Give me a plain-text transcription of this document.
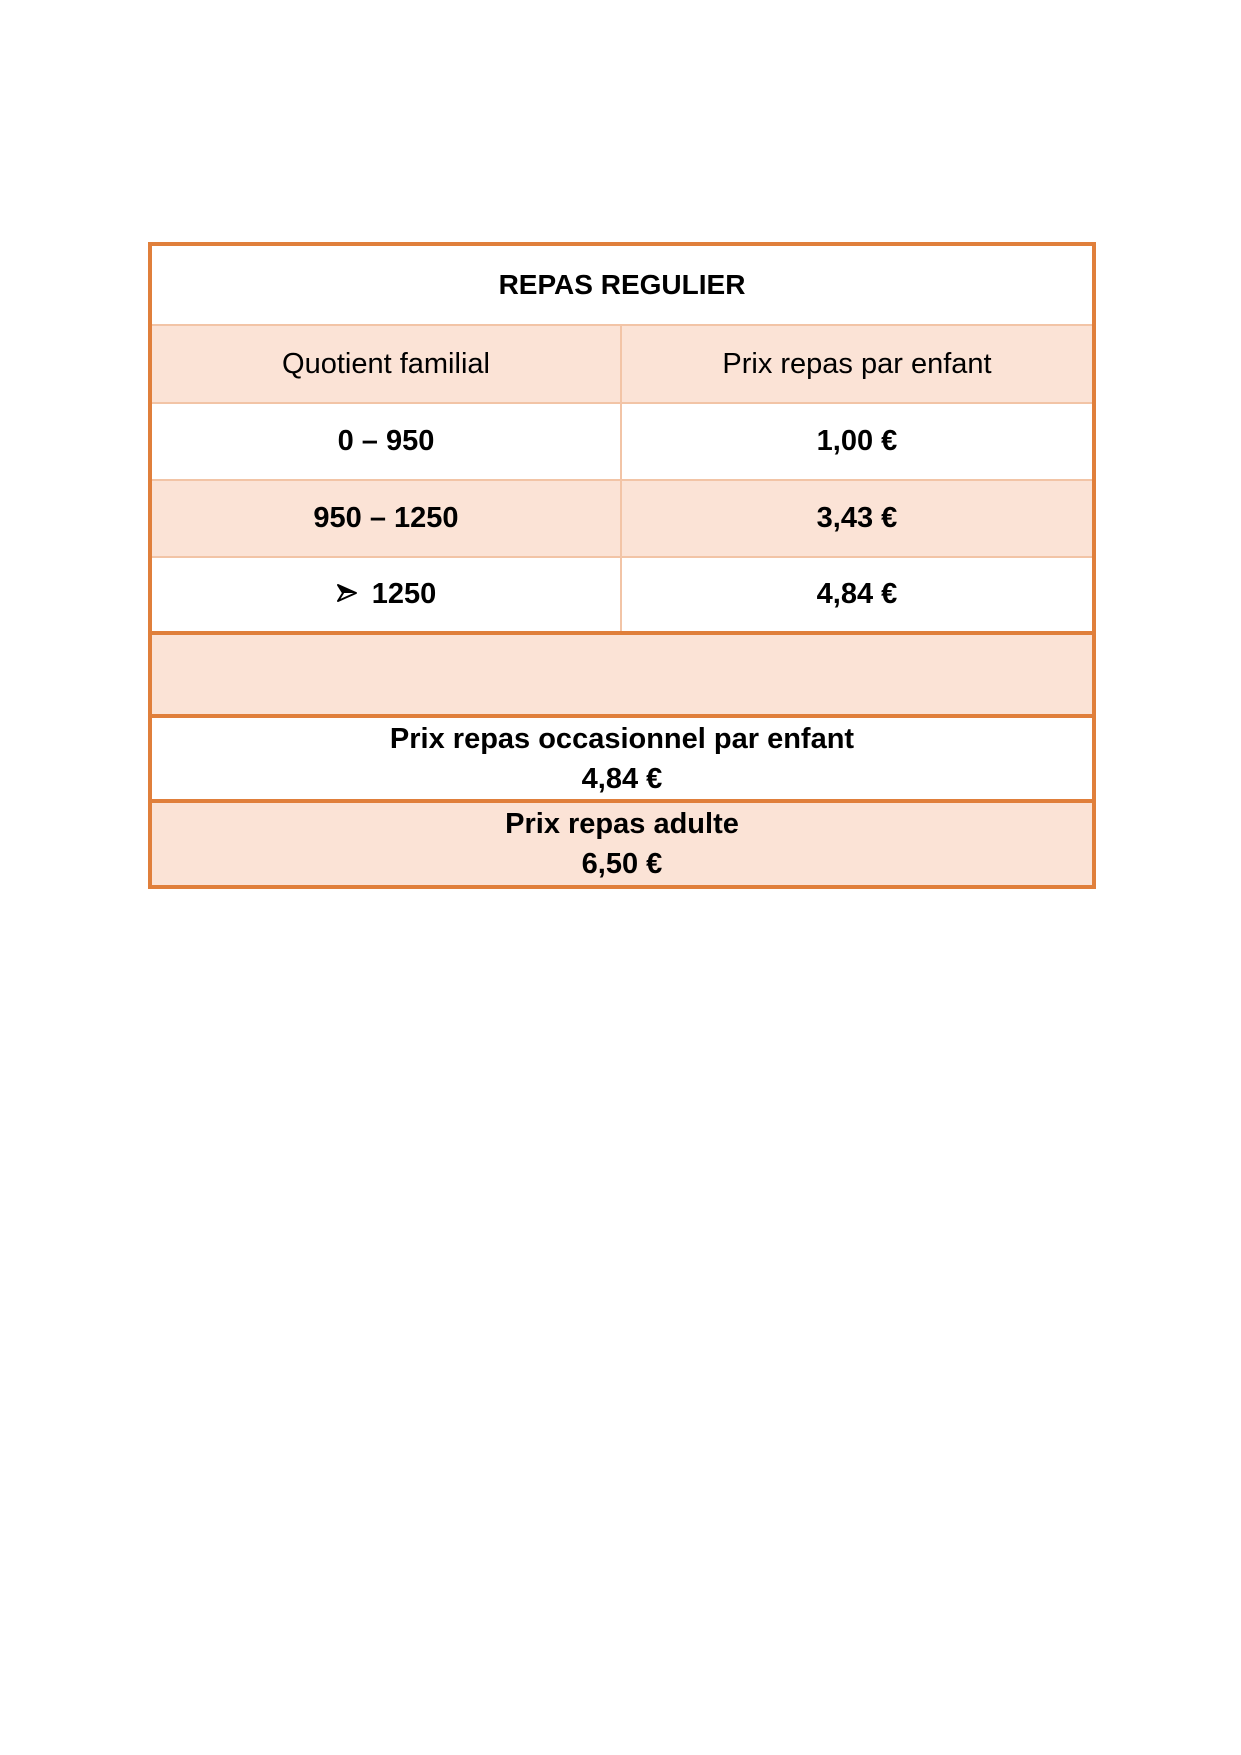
REPAS REGULIER
Quotient familial	Prix repas par enfant
0 – 950	1,00 €
950 – 1250	3,43 €
1250	4,84 €
Prix repas occasionnel par enfant
4,84 €
Prix repas adulte
6,50 €
